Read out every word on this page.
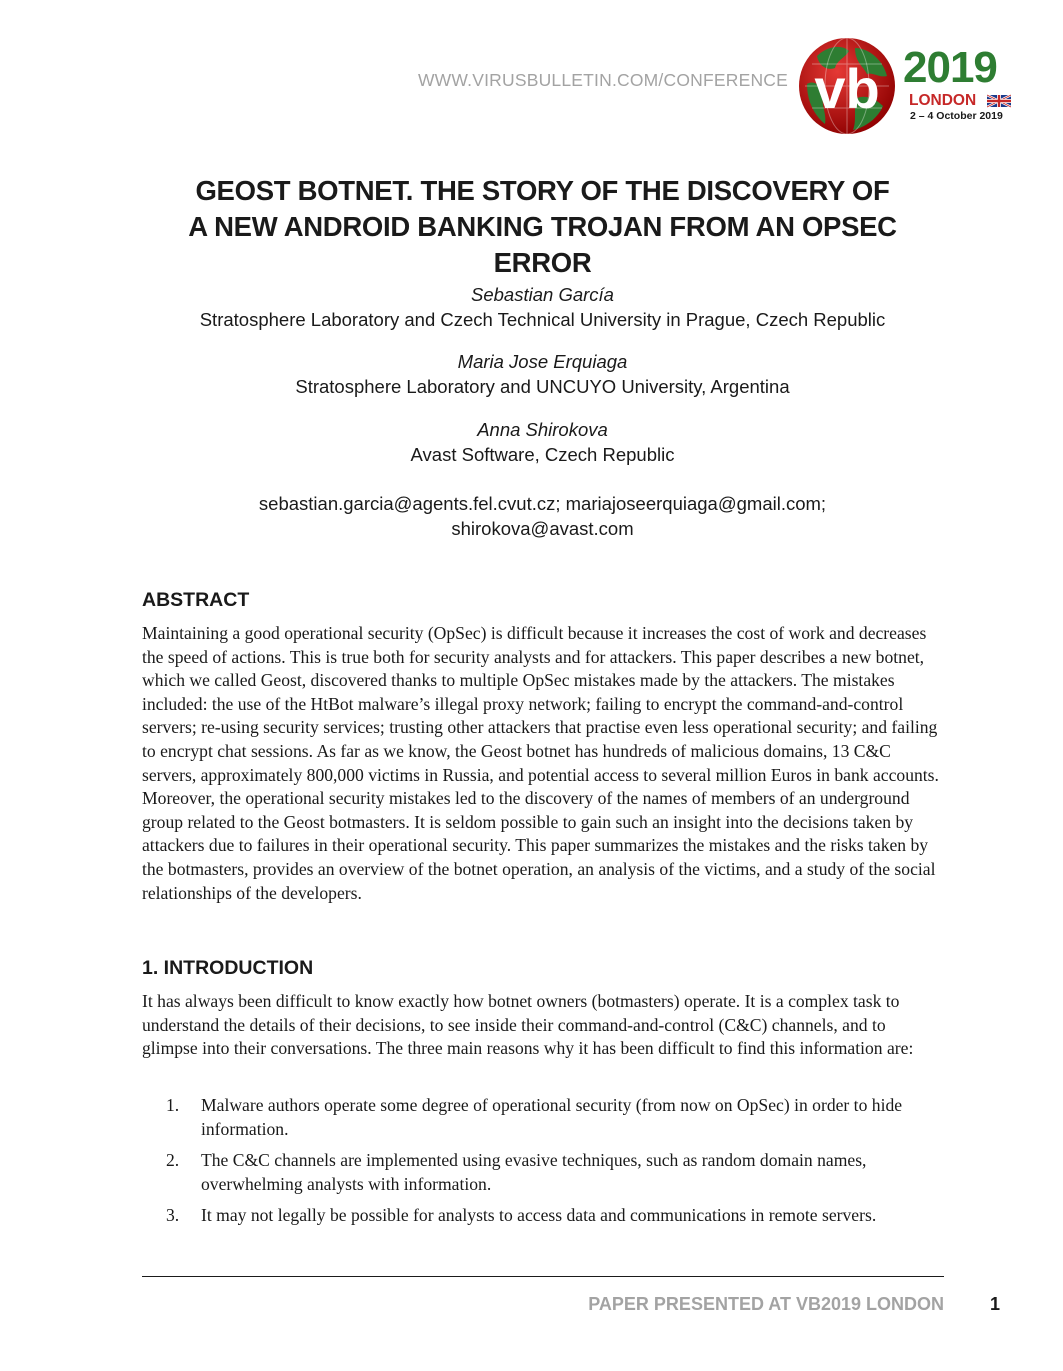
WWW.VIRUSBULLETIN.COM/CONFERENCE vb 2019
LONDON
2 – 4 October 2019
GEOST BOTNET. THE STORY OF THE DISCOVERY OF
A NEW ANDROID BANKING TROJAN FROM AN OPSEC
ERROR
Sebastian García
Stratosphere Laboratory and Czech Technical University in Prague, Czech Republic
Maria Jose Erquiaga
Stratosphere Laboratory and UNCUYO University, Argentina
Anna Shirokova
Avast Software, Czech Republic
sebastian.garcia@agents.fel.cvut.cz; mariajoseerquiaga@gmail.com;
shirokova@avast.com
ABSTRACT
Maintaining a good operational security (OpSec) is difficult because it increases the cost of work and decreases the speed of actions. This is true both for security analysts and for attackers. This paper describes a new botnet, which we called Geost, discovered thanks to multiple OpSec mistakes made by the attackers. The mistakes included: the use of the HtBot malware’s illegal proxy network; failing to encrypt the command-and-control servers; re-using security services; trusting other attackers that practise even less operational security; and failing to encrypt chat sessions. As far as we know, the Geost botnet has hundreds of malicious domains, 13 C&C servers, approximately 800,000 victims in Russia, and potential access to several million Euros in bank accounts. Moreover, the operational security mistakes led to the discovery of the names of members of an underground group related to the Geost botmasters. It is seldom possible to gain such an insight into the decisions taken by attackers due to failures in their operational security. This paper summarizes the mistakes and the risks taken by the botmasters, provides an overview of the botnet operation, an analysis of the victims, and a study of the social relationships of the developers.
1. INTRODUCTION
It has always been difficult to know exactly how botnet owners (botmasters) operate. It is a complex task to understand the details of their decisions, to see inside their command-and-control (C&C) channels, and to glimpse into their conversations. The three main reasons why it has been difficult to find this information are:
1. Malware authors operate some degree of operational security (from now on OpSec) in order to hide information.
2. The C&C channels are implemented using evasive techniques, such as random domain names, overwhelming analysts with information.
3. It may not legally be possible for analysts to access data and communications in remote servers.
PAPER PRESENTED AT VB2019 LONDON	1
